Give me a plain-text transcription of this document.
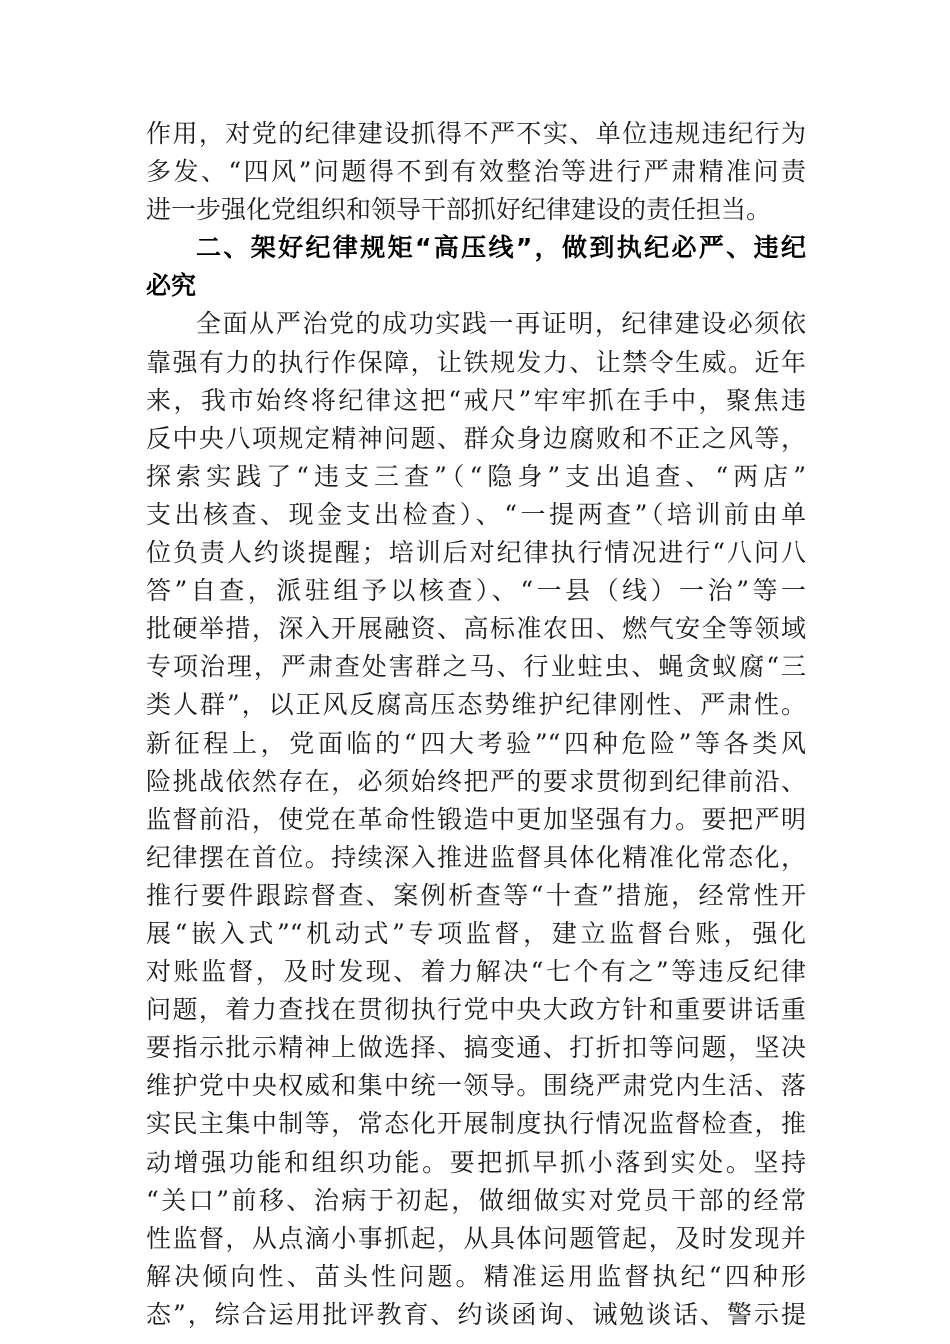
作用，对党的纪律建设抓得不严不实、单位违规违纪行为
多发、“四风”问题得不到有效整治等进行严肃精准问责
进一步强化党组织和领导干部抓好纪律建设的责任担当。
二、架好纪律规矩“高压线”，做到执纪必严、违纪
必究
全面从严治党的成功实践一再证明，纪律建设必须依
靠强有力的执行作保障，让铁规发力、让禁令生威。近年
来，我市始终将纪律这把“戒尺”牢牢抓在手中，聚焦违
反中央八项规定精神问题、群众身边腐败和不正之风等，
探索实践了“违支三查”（“隐身”支出追查、“两店”
支出核查、现金支出检查）、“一提两查”（培训前由单
位负责人约谈提醒；培训后对纪律执行情况进行“八问八
答”自查，派驻组予以核查）、“一县（线）一治”等一
批硬举措，深入开展融资、高标准农田、燃气安全等领域
专项治理，严肃查处害群之马、行业蛀虫、蝇贪蚁腐“三
类人群”，以正风反腐高压态势维护纪律刚性、严肃性。
新征程上，党面临的“四大考验”“四种危险”等各类风
险挑战依然存在，必须始终把严的要求贯彻到纪律前沿、
监督前沿，使党在革命性锻造中更加坚强有力。要把严明
纪律摆在首位。持续深入推进监督具体化精准化常态化，
推行要件跟踪督查、案例析查等“十查”措施，经常性开
展“嵌入式”“机动式”专项监督，建立监督台账，强化
对账监督，及时发现、着力解决“七个有之”等违反纪律
问题，着力查找在贯彻执行党中央大政方针和重要讲话重
要指示批示精神上做选择、搞变通、打折扣等问题，坚决
维护党中央权威和集中统一领导。围绕严肃党内生活、落
实民主集中制等，常态化开展制度执行情况监督检查，推
动增强功能和组织功能。要把抓早抓小落到实处。坚持
“关口”前移、治病于初起，做细做实对党员干部的经常
性监督，从点滴小事抓起，从具体问题管起，及时发现并
解决倾向性、苗头性问题。精准运用监督执纪“四种形
态”，综合运用批评教育、约谈函询、诫勉谈话、警示提
